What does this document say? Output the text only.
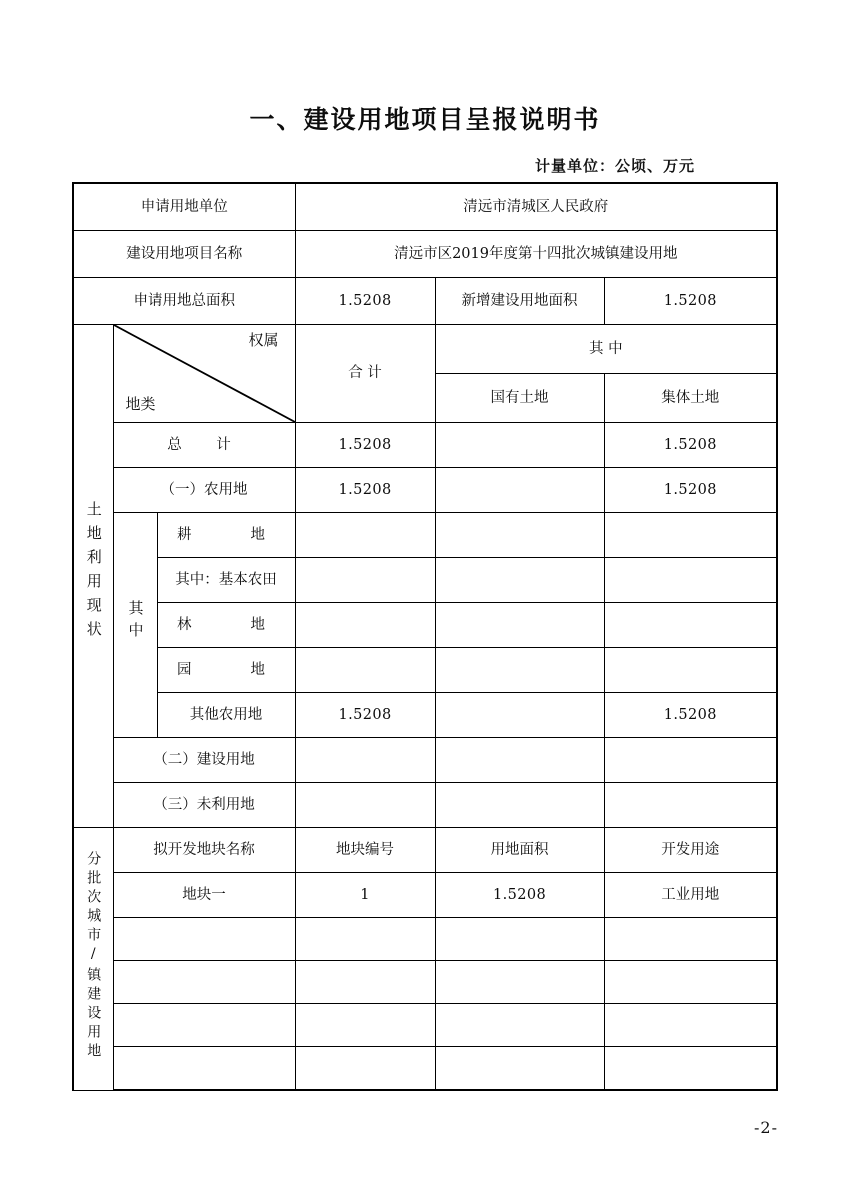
一、建设用地项目呈报说明书
计量单位：公顷、万元
申请用地单位			清远市清城区人民政府		
建设用地项目名称			清远市区2019年度第十四批次城镇建设用地		
申请用地总面积			1.5208	新增建设用地面积	1.5208
土地利用现状	权属
地类		合 计	其 中	
				国有土地	集体土地
	总　计		1.5208		1.5208
	（一）农用地		1.5208		1.5208
	其中	耕　　地			
		其中：基本农田			
		林　　地			
		园　　地			
		其他农用地	1.5208		1.5208
	（二）建设用地				
	（三）未利用地				
分批次城市/镇建设用地	拟开发地块名称		地块编号	用地面积	开发用途
	地块一		1	1.5208	工业用地

-2-
